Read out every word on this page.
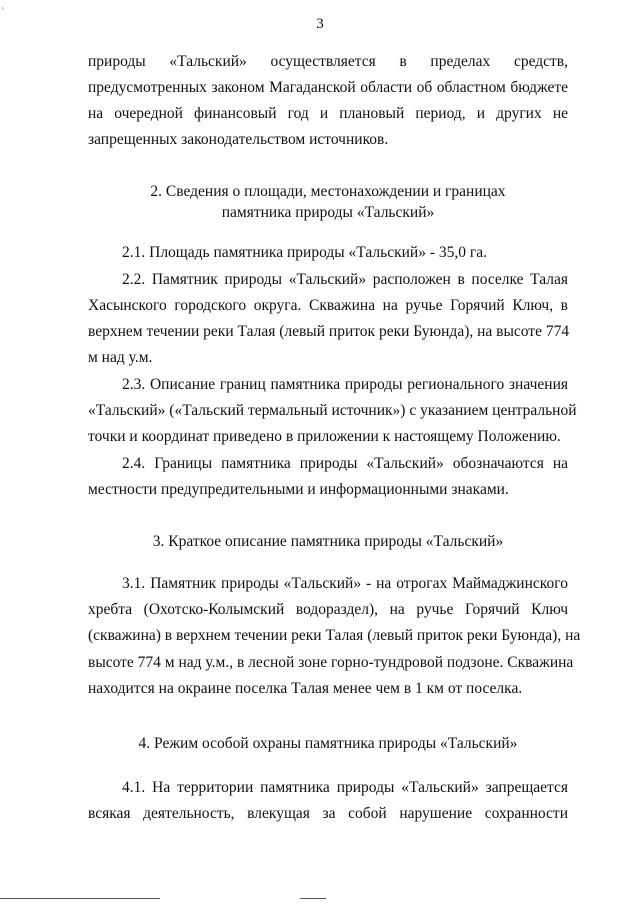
3
природы «Тальский» осуществляется в пределах средств,
предусмотренных законом Магаданской области об областном бюджете
на очередной финансовый год и плановый период, и других не
запрещенных законодательством источников.
2. Сведения о площади, местонахождении и границах
памятника природы «Тальский»
2.1. Площадь памятника природы «Тальский» - 35,0 га.
2.2. Памятник природы «Тальский» расположен в поселке Талая
Хасынского городского округа. Скважина на ручье Горячий Ключ, в
верхнем течении реки Талая (левый приток реки Буюнда), на высоте 774
м над у.м.
2.3. Описание границ памятника природы регионального значения
«Тальский» («Тальский термальный источник») с указанием центральной
точки и координат приведено в приложении к настоящему Положению.
2.4. Границы памятника природы «Тальский» обозначаются на
местности предупредительными и информационными знаками.
3. Краткое описание памятника природы «Тальский»
3.1. Памятник природы «Тальский» - на отрогах Маймаджинского
хребта (Охотско-Колымский водораздел), на ручье Горячий Ключ
(скважина) в верхнем течении реки Талая (левый приток реки Буюнда), на
высоте 774 м над у.м., в лесной зоне горно-тундровой подзоне. Скважина
находится на окраине поселка Талая менее чем в 1 км от поселка.
4. Режим особой охраны памятника природы «Тальский»
4.1. На территории памятника природы «Тальский» запрещается
всякая деятельность, влекущая за собой нарушение сохранности
›
